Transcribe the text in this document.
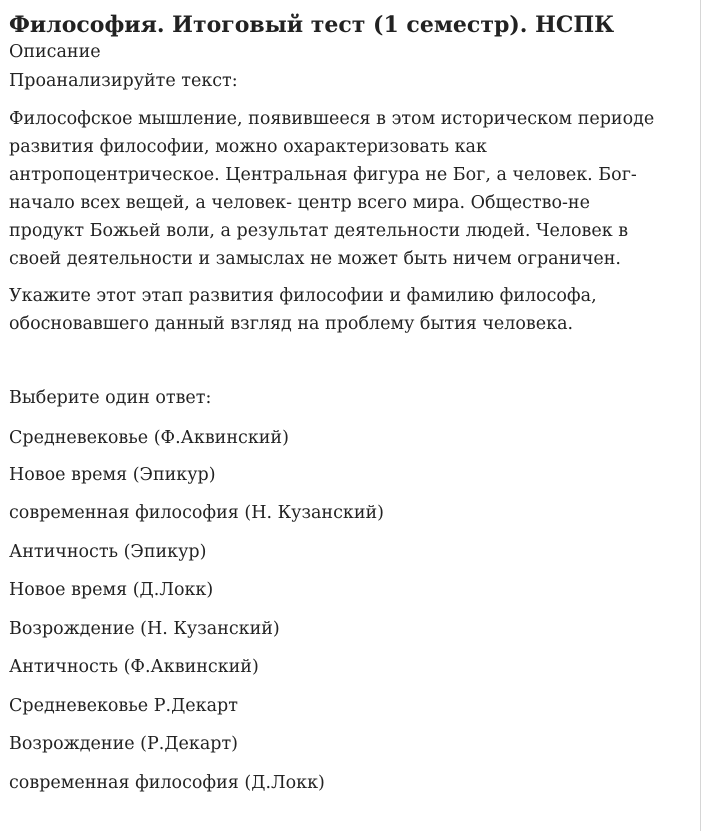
Философия. Итоговый тест (1 семестр). НСПК
Описание
Проанализируйте текст:
Философское мышление, появившееся в этом историческом периоде
развития философии, можно охарактеризовать как
антропоцентрическое. Центральная фигура не Бог, а человек. Бог-
начало всех вещей, а человек- центр всего мира. Общество-не
продукт Божьей воли, а результат деятельности людей. Человек в
своей деятельности и замыслах не может быть ничем ограничен.
Укажите этот этап развития философии и фамилию философа,
обосновавшего данный взгляд на проблему бытия человека.
Выберите один ответ:
Средневековье (Ф.Аквинский)
Новое время (Эпикур)
современная философия (Н. Кузанский)
Античность (Эпикур)
Новое время (Д.Локк)
Возрождение (Н. Кузанский)
Античность (Ф.Аквинский)
Средневековье Р.Декарт
Возрождение (Р.Декарт)
современная философия (Д.Локк)
